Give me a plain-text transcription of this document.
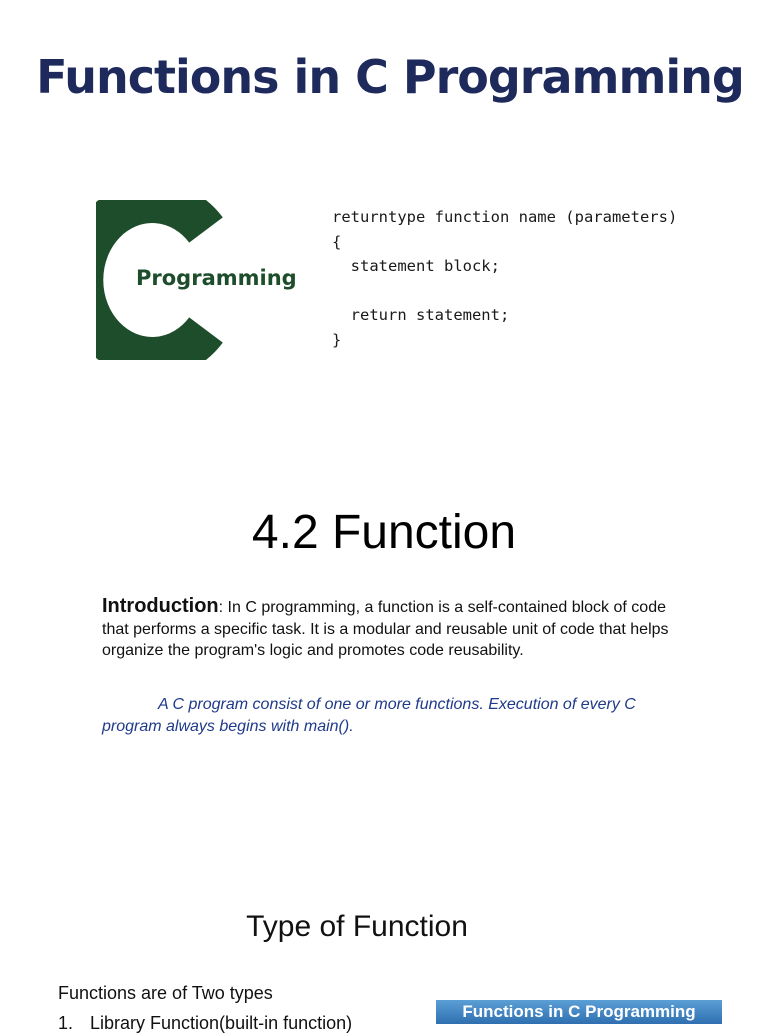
Functions in C Programming
Programming
returntype function name (parameters)
{
statement block;

return statement;
}
4.2 Function

Introduction: In C programming, a function is a self-contained block of code that performs a specific task. It is a modular and reusable unit of code that helps organize the program's logic and promotes code reusability.

A C program consist of one or more functions. Execution of every C program always begins with main().

Type of Function
Functions are of Two types
1. Library Function(built-in function)
Functions in C Programming
